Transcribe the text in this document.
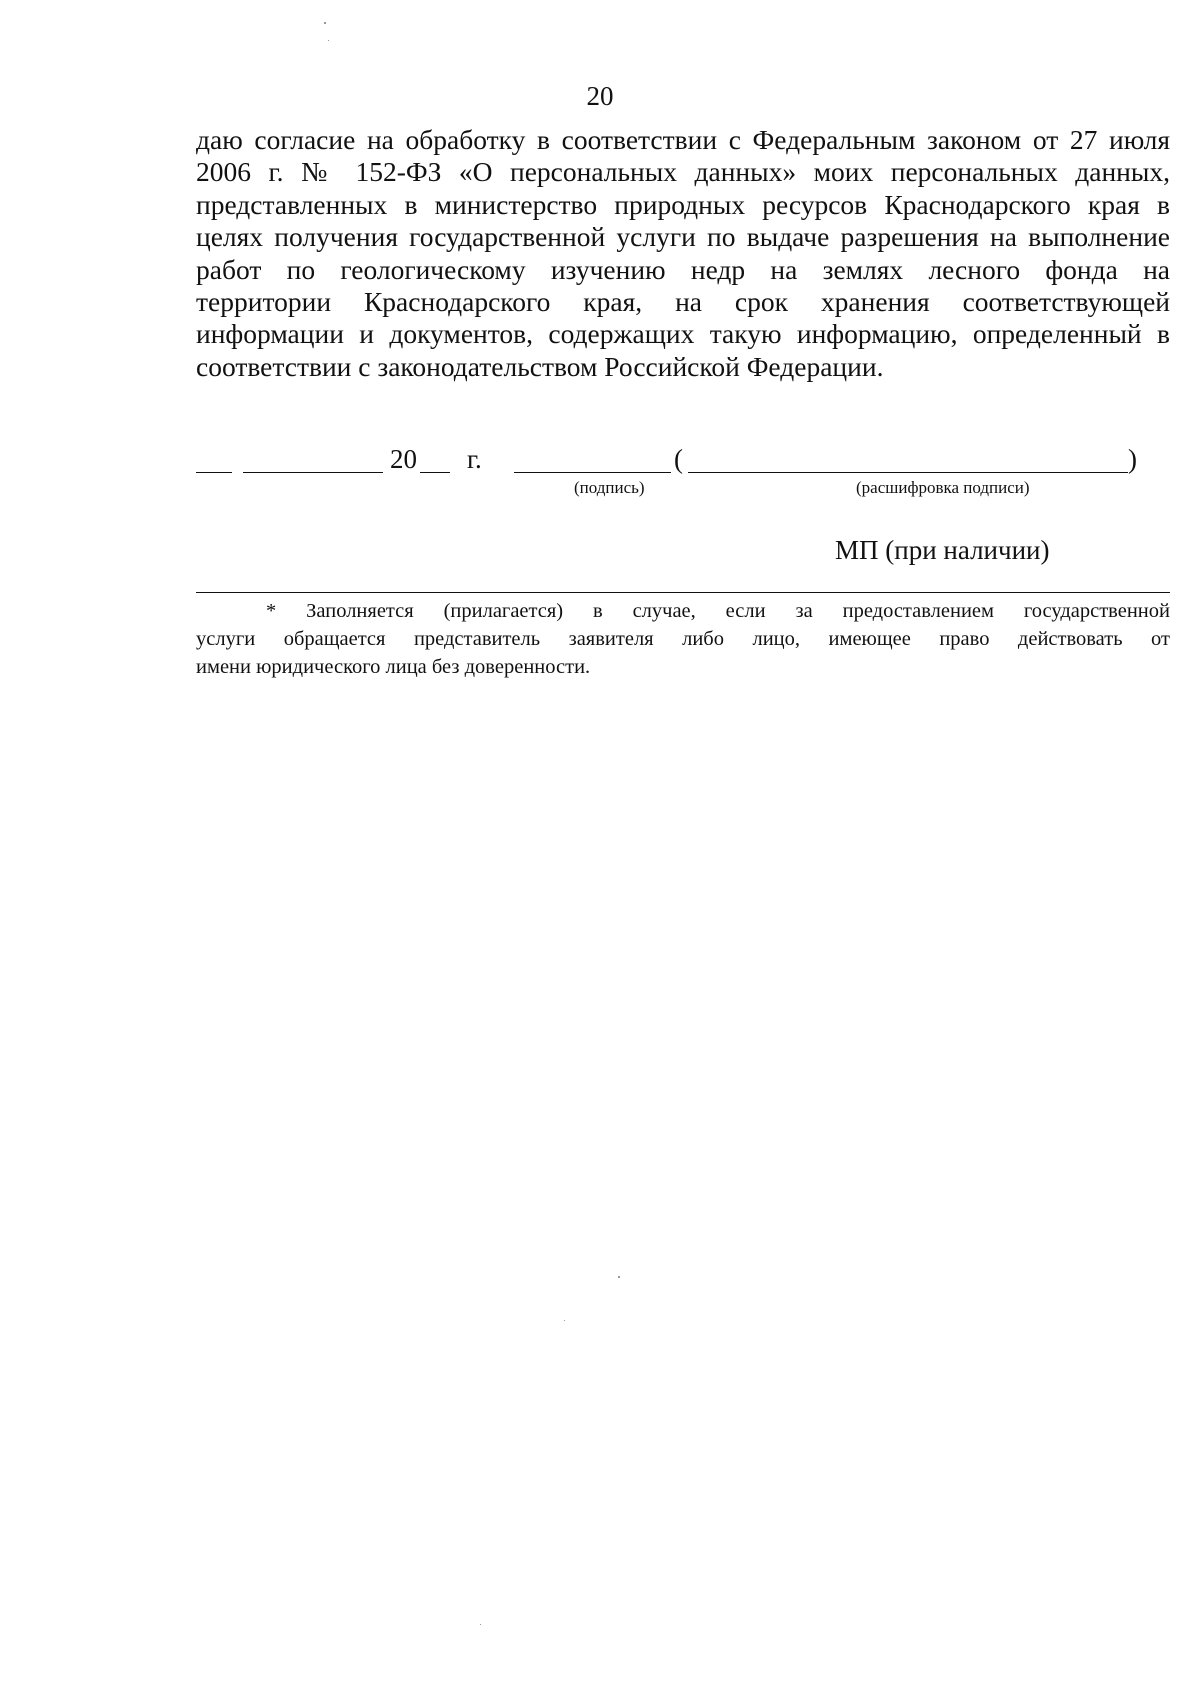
20
даю согласие на обработку в соответствии с Федеральным законом от 27 июля
2006 г. № 152-ФЗ «О персональных данных» моих персональных данных,
представленных в министерство природных ресурсов Краснодарского края в
целях получения государственной услуги по выдаче разрешения на выполнение
работ по геологическому изучению недр на землях лесного фонда на
территории Краснодарского края, на срок хранения соответствующей
информации и документов, содержащих такую информацию, определенный в
соответствии с законодательством Российской Федерации.
20 г.	(	)
(подпись)	(расшифровка подписи)
МП (при наличии)
* Заполняется (прилагается) в случае, если за предоставлением государственной
услуги обращается представитель заявителя либо лицо, имеющее право действовать от
имени юридического лица без доверенности.
